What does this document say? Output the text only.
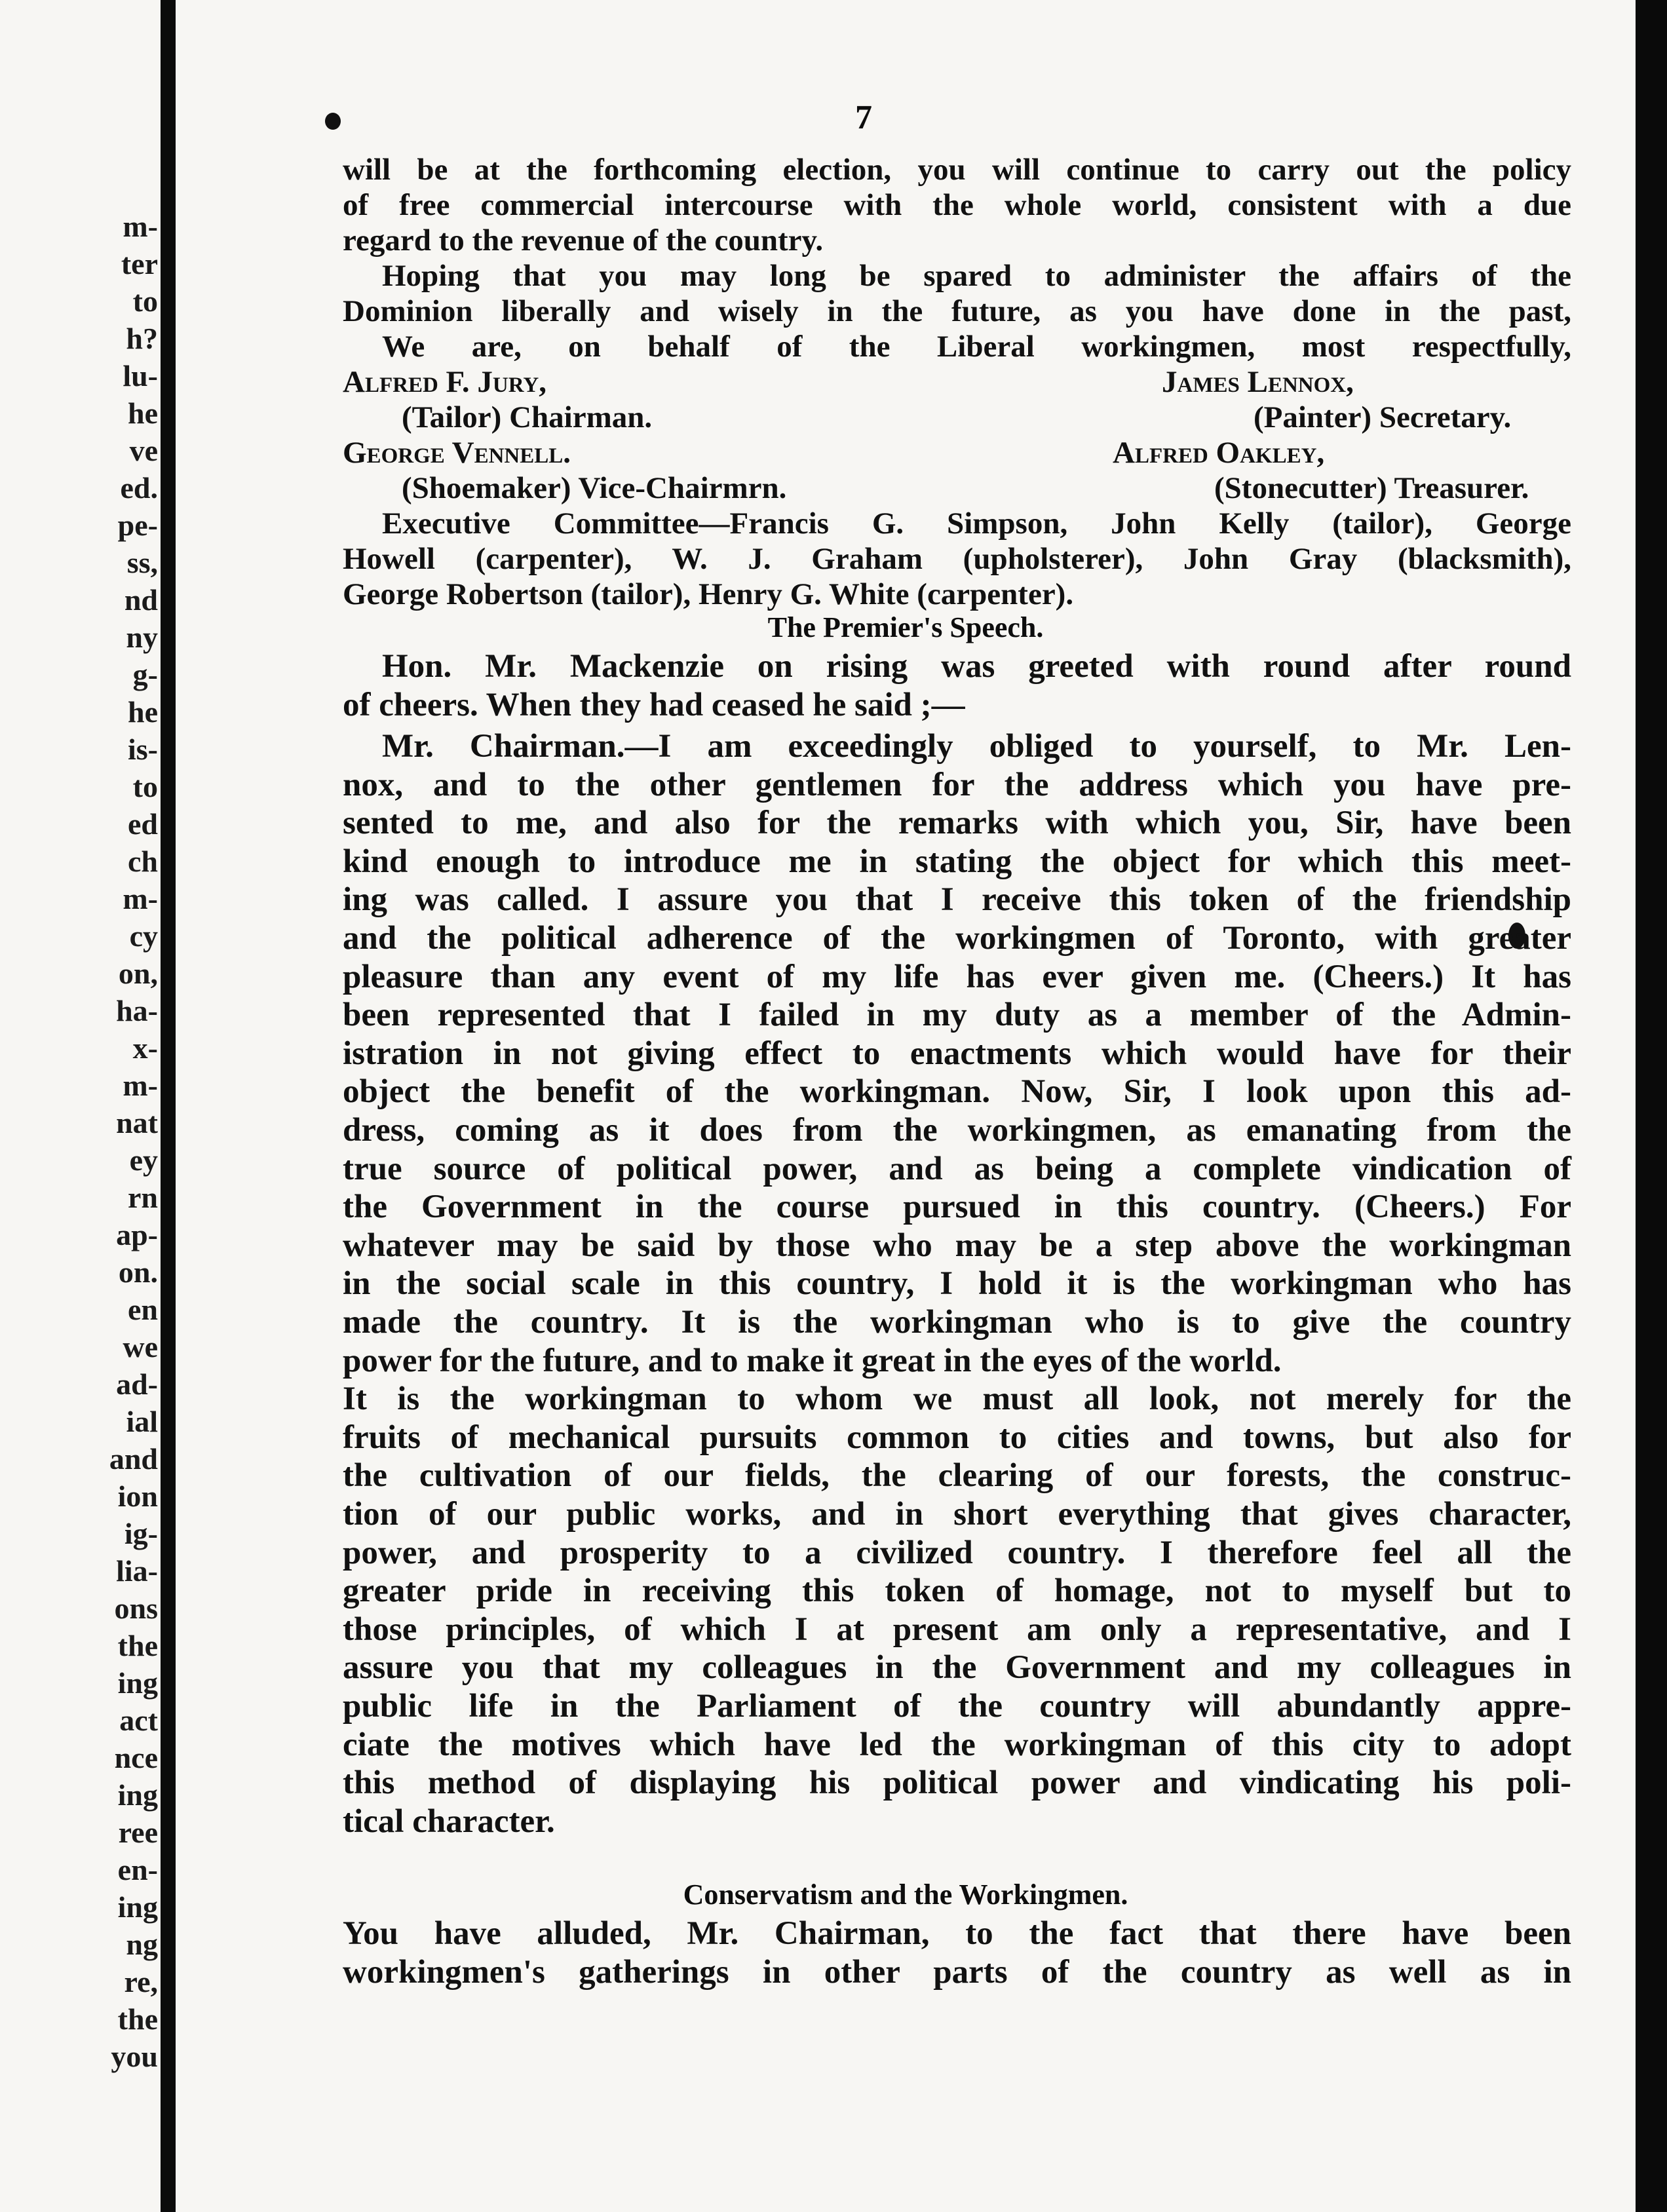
m-
ter
to
h?
lu-
he
ve
ed.
pe-
ss,
nd
ny
g-
he
is-
to
ed
ch
m-
cy
on,
ha-
x-
m-
nat
ey
rn
ap-
on.
en
we
ad-
ial
and
ion
ig-
lia-
ons
the
ing
act
nce
ing
ree
en-
ing
ng
re,
the
you
7
will be at the forthcoming election, you will continue to carry out the policy
of free commercial intercourse with the whole world, consistent with a due
regard to the revenue of the country.
Hoping that you may long be spared to administer the affairs of the
Dominion liberally and wisely in the future, as you have done in the past,
We are, on behalf of the Liberal workingmen, most respectfully,
Alfred F. Jury,	James Lennox,
(Tailor) Chairman.	(Painter) Secretary.
George Vennell.	Alfred Oakley,
(Shoemaker) Vice-Chairmrn.	(Stonecutter) Treasurer.
Executive Committee—Francis G. Simpson, John Kelly (tailor), George
Howell (carpenter), W. J. Graham (upholsterer), John Gray (blacksmith),
George Robertson (tailor), Henry G. White (carpenter).
The Premier's Speech.
Hon. Mr. Mackenzie on rising was greeted with round after round
of cheers. When they had ceased he said ;—
Mr. Chairman.—I am exceedingly obliged to yourself, to Mr. Len-
nox, and to the other gentlemen for the address which you have pre-
sented to me, and also for the remarks with which you, Sir, have been
kind enough to introduce me in stating the object for which this meet-
ing was called. I assure you that I receive this token of the friendship
and the political adherence of the workingmen of Toronto, with greater
pleasure than any event of my life has ever given me. (Cheers.) It has
been represented that I failed in my duty as a member of the Admin-
istration in not giving effect to enactments which would have for their
object the benefit of the workingman. Now, Sir, I look upon this ad-
dress, coming as it does from the workingmen, as emanating from the
true source of political power, and as being a complete vindication of
the Government in the course pursued in this country. (Cheers.) For
whatever may be said by those who may be a step above the workingman
in the social scale in this country, I hold it is the workingman who has
made the country. It is the workingman who is to give the country
power for the future, and to make it great in the eyes of the world.
It is the workingman to whom we must all look, not merely for the
fruits of mechanical pursuits common to cities and towns, but also for
the cultivation of our fields, the clearing of our forests, the construc-
tion of our public works, and in short everything that gives character,
power, and prosperity to a civilized country. I therefore feel all the
greater pride in receiving this token of homage, not to myself but to
those principles, of which I at present am only a representative, and I
assure you that my colleagues in the Government and my colleagues in
public life in the Parliament of the country will abundantly appre-
ciate the motives which have led the workingman of this city to adopt
this method of displaying his political power and vindicating his poli-
tical character.
Conservatism and the Workingmen.
You have alluded, Mr. Chairman, to the fact that there have been
workingmen's gatherings in other parts of the country as well as in
